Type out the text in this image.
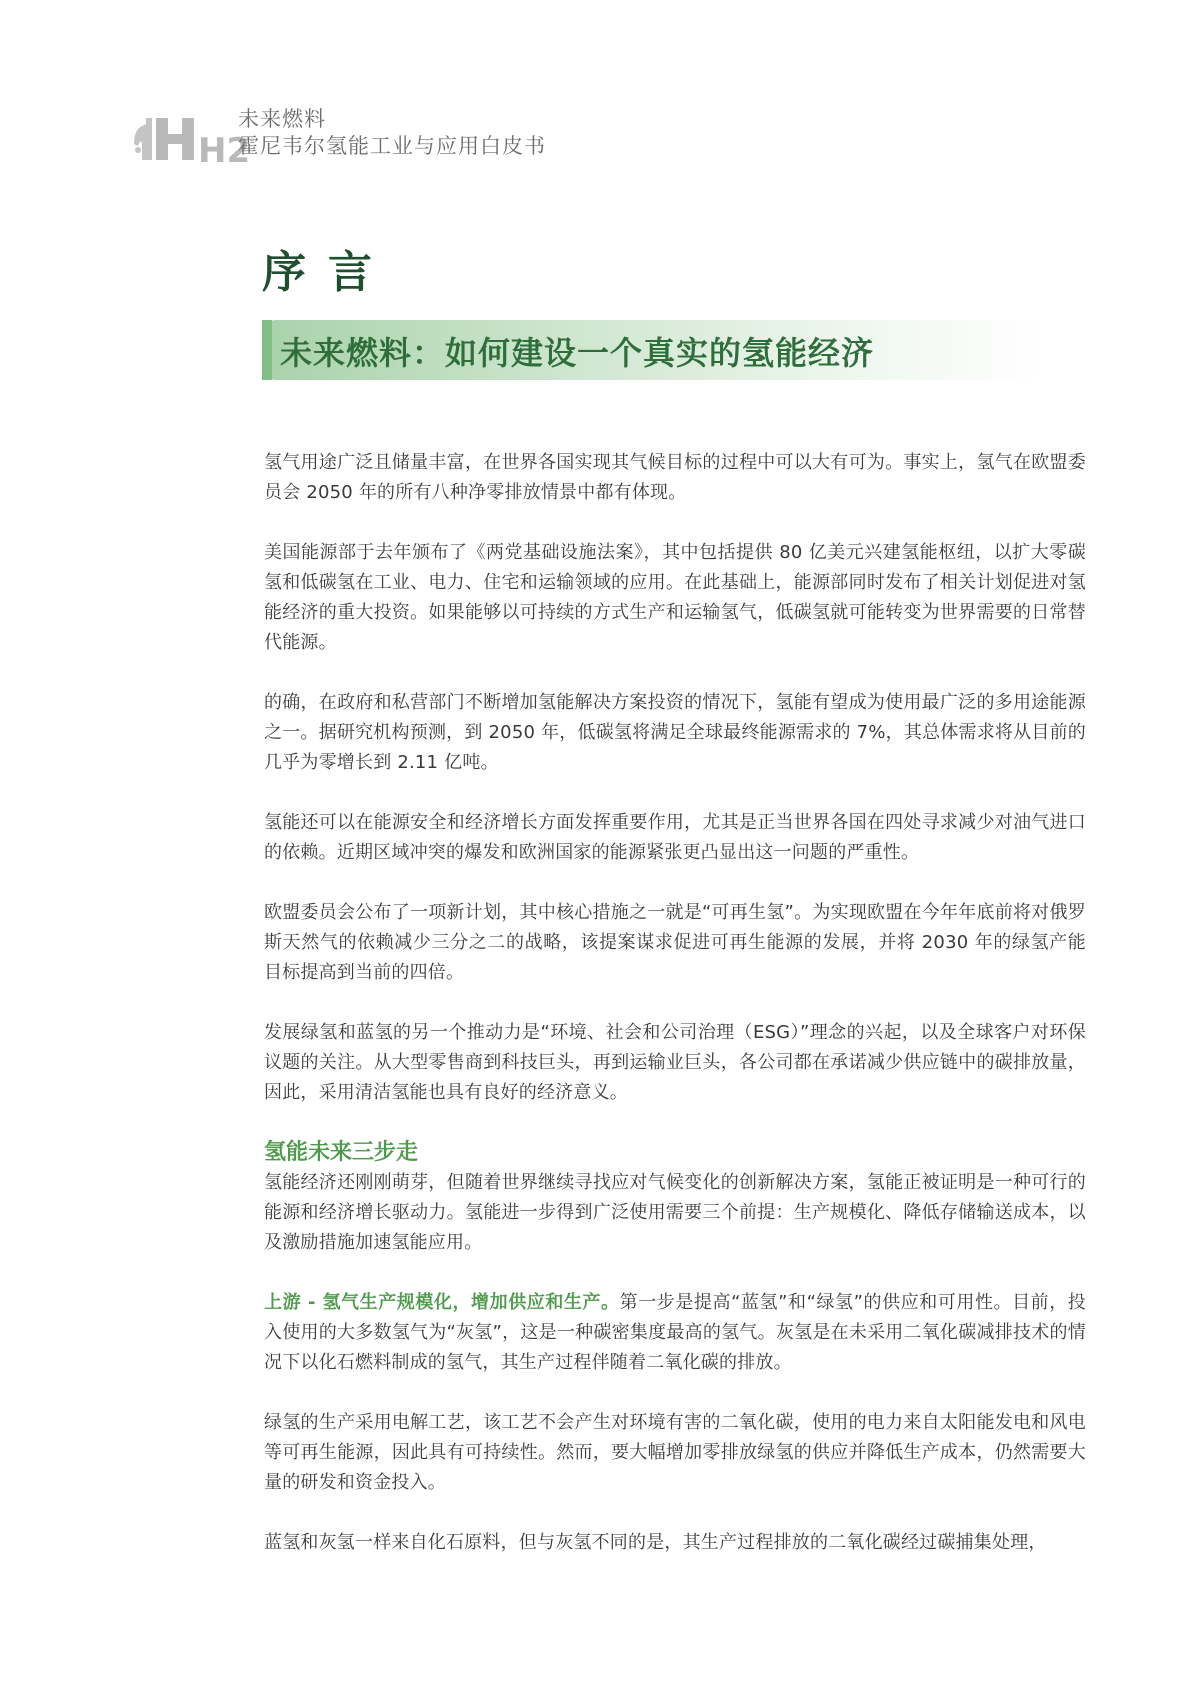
H2
未来燃料
霍尼韦尔氢能工业与应用白皮书
序言
未来燃料：如何建设一个真实的氢能经济

氢气用途广泛且储量丰富，在世界各国实现其气候目标的过程中可以大有可为。事实上，氢气在欧盟委员会 2050 年的所有八种净零排放情景中都有体现。

美国能源部于去年颁布了《两党基础设施法案》，其中包括提供 80 亿美元兴建氢能枢纽，以扩大零碳氢和低碳氢在工业、电力、住宅和运输领域的应用。在此基础上，能源部同时发布了相关计划促进对氢能经济的重大投资。如果能够以可持续的方式生产和运输氢气，低碳氢就可能转变为世界需要的日常替代能源。

的确，在政府和私营部门不断增加氢能解决方案投资的情况下，氢能有望成为使用最广泛的多用途能源之一。据研究机构预测，到 2050 年，低碳氢将满足全球最终能源需求的 7%，其总体需求将从目前的几乎为零增长到 2.11 亿吨。

氢能还可以在能源安全和经济增长方面发挥重要作用，尤其是正当世界各国在四处寻求减少对油气进口的依赖。近期区域冲突的爆发和欧洲国家的能源紧张更凸显出这一问题的严重性。

欧盟委员会公布了一项新计划，其中核心措施之一就是“可再生氢”。为实现欧盟在今年年底前将对俄罗斯天然气的依赖减少三分之二的战略，该提案谋求促进可再生能源的发展，并将 2030 年的绿氢产能目标提高到当前的四倍。

发展绿氢和蓝氢的另一个推动力是“环境、社会和公司治理（ESG）”理念的兴起，以及全球客户对环保议题的关注。从大型零售商到科技巨头，再到运输业巨头，各公司都在承诺减少供应链中的碳排放量，因此，采用清洁氢能也具有良好的经济意义。

氢能未来三步走

氢能经济还刚刚萌芽，但随着世界继续寻找应对气候变化的创新解决方案，氢能正被证明是一种可行的能源和经济增长驱动力。氢能进一步得到广泛使用需要三个前提：生产规模化、降低存储输送成本，以及激励措施加速氢能应用。

上游 - 氢气生产规模化，增加供应和生产。第一步是提高“蓝氢”和“绿氢”的供应和可用性。目前，投入使用的大多数氢气为“灰氢”，这是一种碳密集度最高的氢气。灰氢是在未采用二氧化碳减排技术的情况下以化石燃料制成的氢气，其生产过程伴随着二氧化碳的排放。

绿氢的生产采用电解工艺，该工艺不会产生对环境有害的二氧化碳，使用的电力来自太阳能发电和风电等可再生能源，因此具有可持续性。然而，要大幅增加零排放绿氢的供应并降低生产成本，仍然需要大量的研发和资金投入。

蓝氢和灰氢一样来自化石原料，但与灰氢不同的是，其生产过程排放的二氧化碳经过碳捕集处理，
